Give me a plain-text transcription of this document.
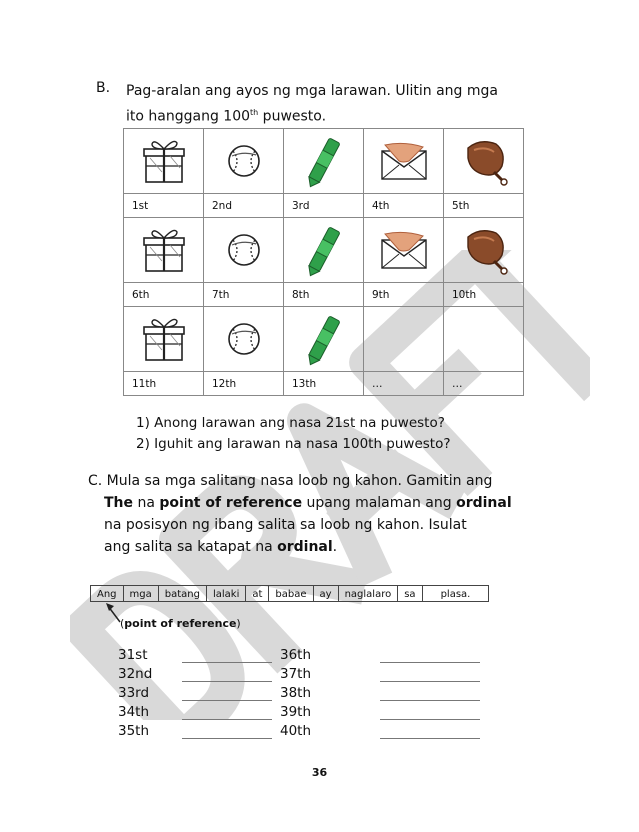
B. Pag-aralan ang ayos ng mga larawan. Ulitin ang mga
ito hanggang 100th puwesto.

1st	2nd	3rd	4th	5th

6th	7th	8th	9th	10th

11th	12th	13th	…	…
1) Anong larawan ang nasa 21st na puwesto?
2) Iguhit ang larawan na nasa 100th puwesto?
C. Mula sa mga salitang nasa loob ng kahon. Gamitin ang
The na point of reference upang malaman ang ordinal
na posisyon ng ibang salita sa loob ng kahon. Isulat
ang salita sa katapat na ordinal.
Ang	mga	batang	lalaki	at	babae	ay	naglalaro	sa	plasa.
(point of reference)
31st
32nd
33rd
34th
35th
36th
37th
38th
39th
40th
36
